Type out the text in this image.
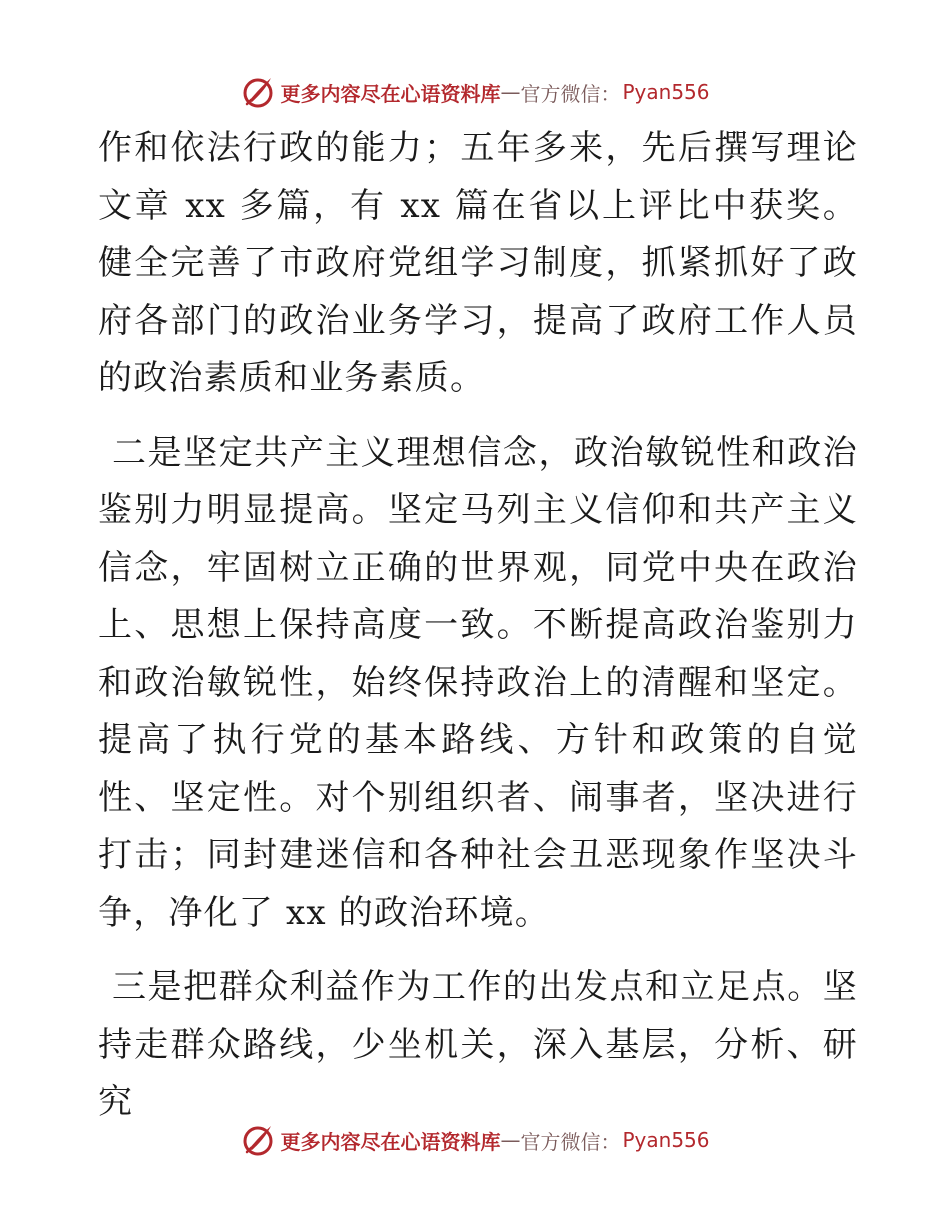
更多内容尽在心语资料库 — 官方微信： Pyan556

作和依法行政的能力；五年多来，先后撰写理论文章 xx 多篇，有 xx 篇在省以上评比中获奖。健全完善了市政府党组学习制度，抓紧抓好了政府各部门的政治业务学习，提高了政府工作人员的政治素质和业务素质。

二是坚定共产主义理想信念，政治敏锐性和政治鉴别力明显提高。坚定马列主义信仰和共产主义信念，牢固树立正确的世界观，同党中央在政治上、思想上保持高度一致。不断提高政治鉴别力和政治敏锐性，始终保持政治上的清醒和坚定。提高了执行党的基本路线、方针和政策的自觉性、坚定性。对个别组织者、闹事者，坚决进行打击；同封建迷信和各种社会丑恶现象作坚决斗争，净化了 xx 的政治环境。

三是把群众利益作为工作的出发点和立足点。坚持走群众路线，少坐机关，深入基层，分析、研究

更多内容尽在心语资料库 — 官方微信： Pyan556
